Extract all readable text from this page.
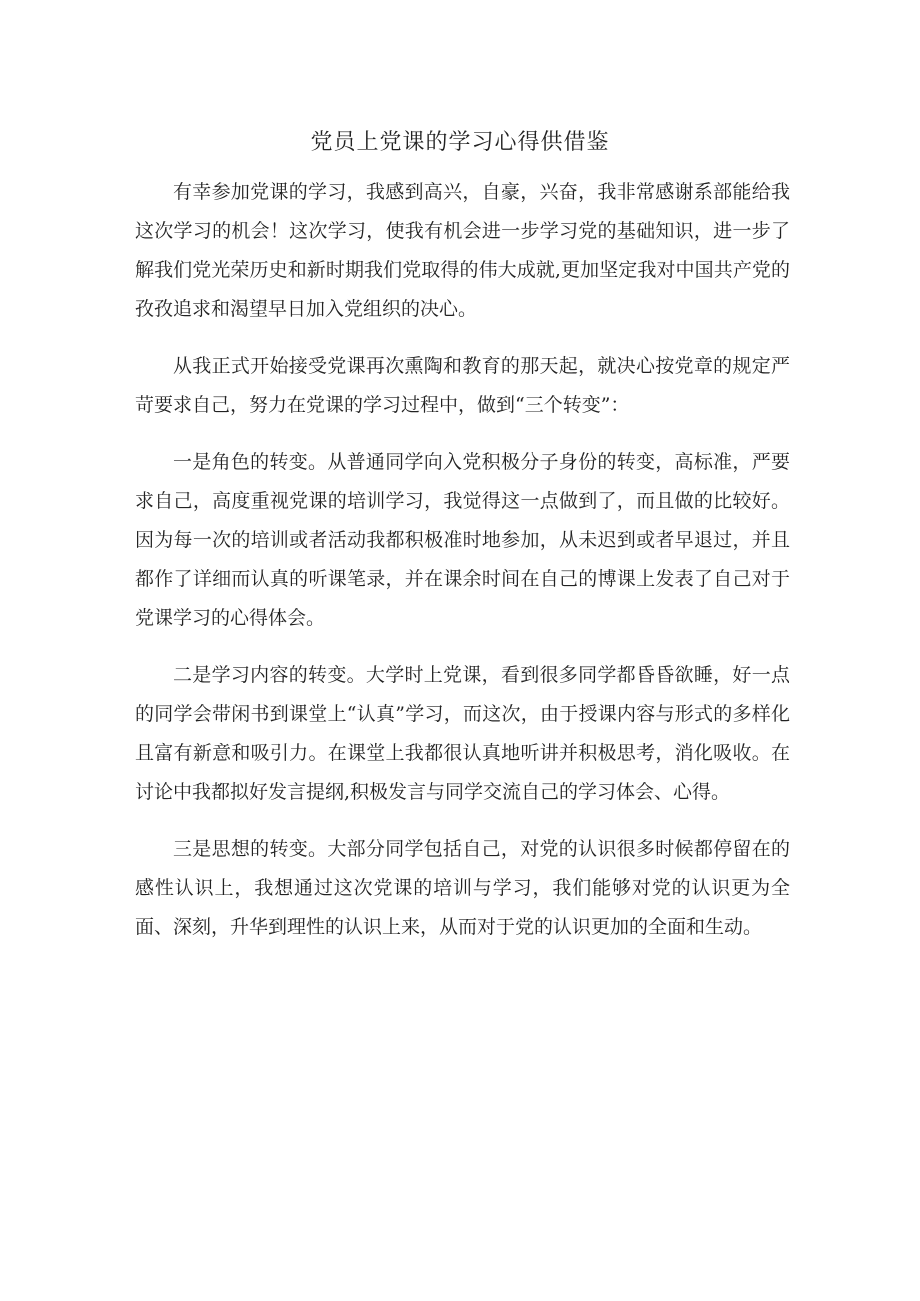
党员上党课的学习心得供借鉴

有幸参加党课的学习，我感到高兴，自豪，兴奋，我非常感谢系部能给我这次学习的机会！这次学习，使我有机会进一步学习党的基础知识，进一步了解我们党光荣历史和新时期我们党取得的伟大成就,更加坚定我对中国共产党的孜孜追求和渴望早日加入党组织的决心。

从我正式开始接受党课再次熏陶和教育的那天起，就决心按党章的规定严苛要求自己，努力在党课的学习过程中，做到“三个转变”：

一是角色的转变。从普通同学向入党积极分子身份的转变，高标准，严要求自己，高度重视党课的培训学习，我觉得这一点做到了，而且做的比较好。因为每一次的培训或者活动我都积极准时地参加，从未迟到或者早退过，并且都作了详细而认真的听课笔录，并在课余时间在自己的博课上发表了自己对于党课学习的心得体会。

二是学习内容的转变。大学时上党课，看到很多同学都昏昏欲睡，好一点的同学会带闲书到课堂上“认真”学习，而这次，由于授课内容与形式的多样化且富有新意和吸引力。在课堂上我都很认真地听讲并积极思考，消化吸收。在讨论中我都拟好发言提纲,积极发言与同学交流自己的学习体会、心得。

三是思想的转变。大部分同学包括自己，对党的认识很多时候都停留在的感性认识上，我想通过这次党课的培训与学习，我们能够对党的认识更为全面、深刻，升华到理性的认识上来，从而对于党的认识更加的全面和生动。
